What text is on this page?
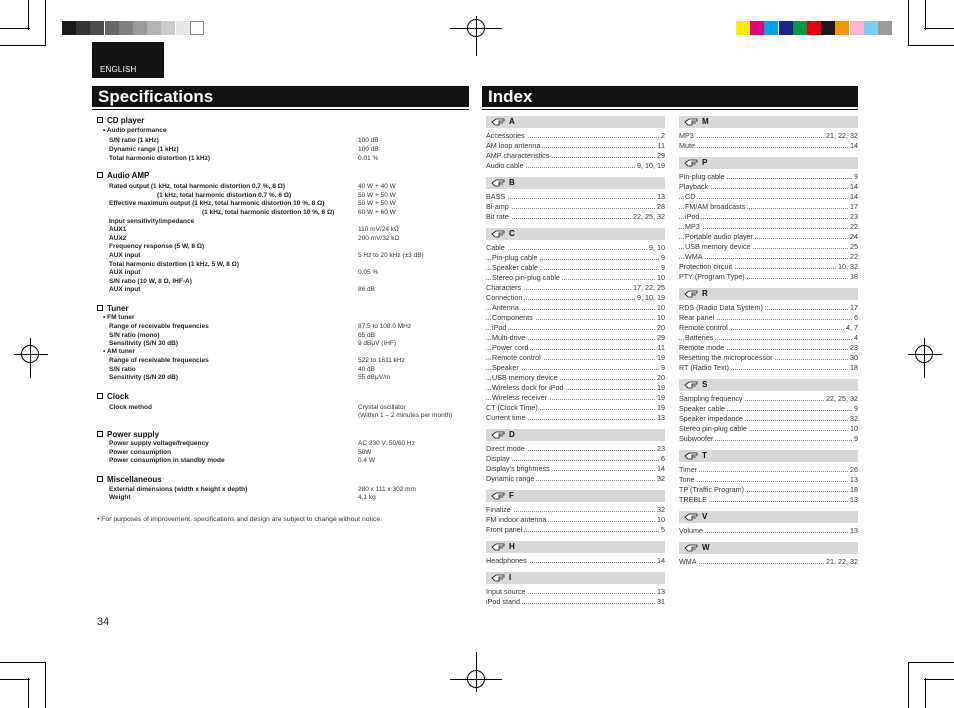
ENGLISH
Specifications
CD player
• Audio performance
S/N ratio (1 kHz)	100 dB
Dynamic range (1 kHz)	100 dB
Total harmonic distortion (1 kHz)	0.01 %
Audio AMP
Rated output (1 kHz, total harmonic distortion 0.7 %, 8 Ω)	40 W + 40 W
(1 kHz, total harmonic distortion 0.7 %, 6 Ω)	50 W + 50 W
Effective maximum output (1 kHz, total harmonic distortion 10 %, 8 Ω)	50 W + 50 W
(1 kHz, total harmonic distortion 10 %, 6 Ω)	60 W + 60 W
Input sensitivity/impedance
AUX1	110 mV/24 kΩ
AUX2	200 mV/32 kΩ
Frequency response (5 W, 8 Ω)
AUX input	5 Hz to 20 kHz (±3 dB)
Total harmonic distortion (1 kHz, 5 W, 8 Ω)
AUX input	0.05 %
S/N ratio (10 W, 8 Ω, IHF-A)
AUX input	86 dB
Tuner
• FM tuner
Range of receivable frequencies	87.5 to 108.0 MHz
S/N ratio (mono)	65 dB
Sensitivity (S/N 30 dB)	9 dBμV (IHF)
• AM tuner
Range of receivable frequencies	522 to 1611 kHz
S/N ratio	40 dB
Sensitivity (S/N 20 dB)	55 dBμV/m
Clock
Clock method	Crystal oscillator
(Within 1 – 2 minutes per month)
Power supply
Power supply voltage/frequency	AC 230 V, 50/60 Hz
Power consumption	50W
Power consumption in standby mode	0.4 W
Miscellaneous
External dimensions (width x height x depth)	280 x 111 x 302 mm
Weight	4.1 kg
• For purposes of improvement, specifications and design are subject to change without notice.
34
Index
A
Accessories	2
AM loop antenna	11
AMP characteristics	29
Audio cable	9, 10, 19
B
BASS	13
Bi-amp	28
Bit rate	22, 25, 32
C
Cable	9, 10
Pin-plug cable	9
Speaker cable	9
Stereo pin-plug cable	10
Characters	17, 22, 25
Connection	9, 10, 19
Antenna	10
Components	10
iPod	20
Multi-drive	29
Power cord	11
Remote control	19
Speaker	9
USB memory device	20
Wireless dock for iPod	19
Wireless receiver	19
CT (Clock Time)	19
Current time	13
D
Direct mode	23
Display	6
Display's brightness	14
Dynamic range	32
F
Finalize	32
FM indoor antenna	10
Front panel	5
H
Headphones	14
I
Input source	13
iPod stand	31
M
MP3	21, 22, 32
Mute	14
P
Pin-plug cable	9
Playback	14
CD	14
FM/AM broadcasts	17
iPod	23
MP3	22
Portable audio player	24
USB memory device	25
WMA	22
Protection circuit	10, 32
PTY (Program Type)	18
R
RDS (Radio Data System)	17
Rear panel	6
Remote control	4, 7
Batteries	4
Remote mode	23
Resetting the microprocessor	30
RT (Radio Text)	18
S
Sampling frequency	22, 25, 32
Speaker cable	9
Speaker impedance	32
Stereo pin-plug cable	10
Subwoofer	9
T
Timer	26
Tone	13
TP (Traffic Program)	18
TREBLE	13
V
Volume	13
W
WMA	21, 22, 32
